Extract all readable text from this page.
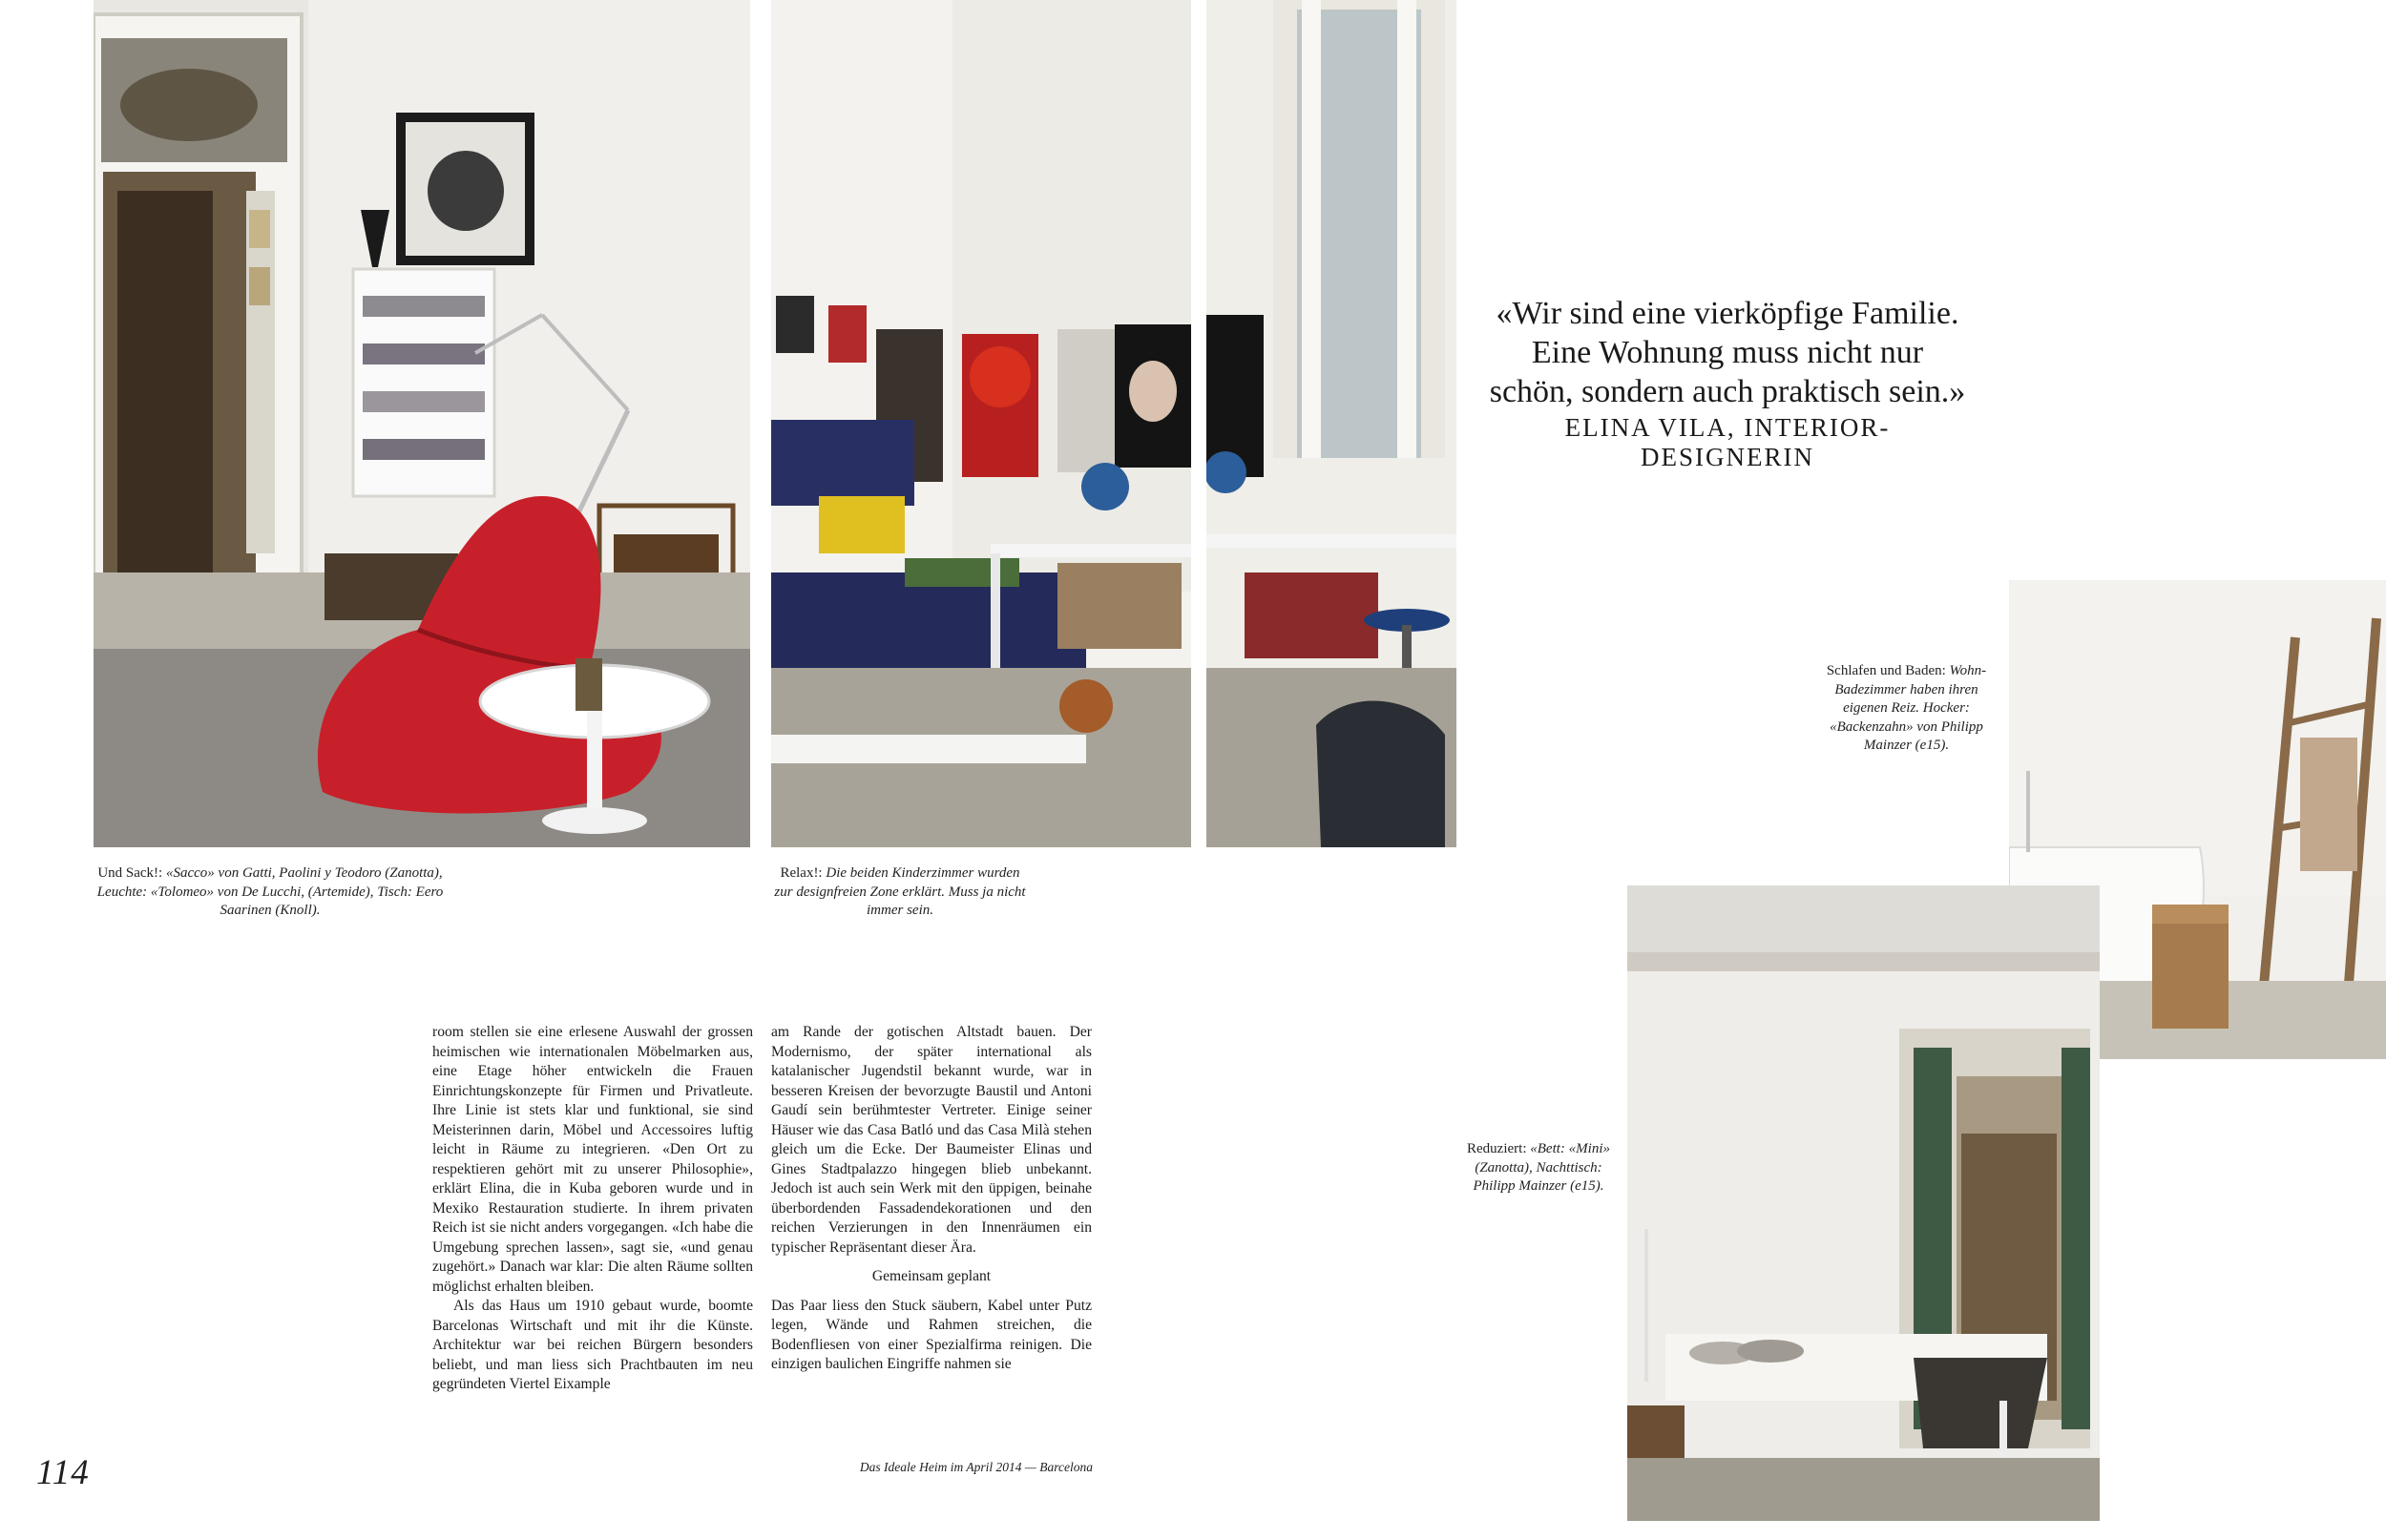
Und Sack!: «Sacco» von Gatti, Paolini y Teodoro (Zanotta), Leuchte: «Tolomeo» von De Lucchi, (Artemide), Tisch: Eero Saarinen (Knoll).
Relax!: Die beiden Kinderzimmer wurden zur designfreien Zone erklärt. Muss ja nicht immer sein.
Schlafen und Baden: Wohn-Badezimmer haben ihren eigenen Reiz. Hocker: «Backenzahn» von Philipp Mainzer (e15).
Reduziert: «Bett: «Mini» (Zanotta), Nachttisch: Philipp Mainzer (e15).
«Wir sind eine vierköpfige Familie. Eine Wohnung muss nicht nur schön, sondern auch praktisch sein.»
ELINA VILA, INTERIOR-DESIGNERIN

room stellen sie eine erlesene Auswahl der grossen heimischen wie internationalen Möbelmarken aus, eine Etage höher entwickeln die Frauen Einrichtungskonzepte für Firmen und Privatleute. Ihre Linie ist stets klar und funktional, sie sind Meisterinnen darin, Möbel und Accessoires luftig leicht in Räume zu integrieren. «Den Ort zu respektieren gehört mit zu unserer Philosophie», erklärt Elina, die in Kuba geboren wurde und in Mexiko Restauration studierte. In ihrem privaten Reich ist sie nicht anders vorgegangen. «Ich habe die Umgebung sprechen lassen», sagt sie, «und genau zugehört.» Danach war klar: Die alten Räume sollten möglichst erhalten bleiben.

Als das Haus um 1910 gebaut wurde, boomte Barcelonas Wirtschaft und mit ihr die Künste. Architektur war bei reichen Bürgern besonders beliebt, und man liess sich Prachtbauten im neu gegründeten Viertel Eixample

am Rande der gotischen Altstadt bauen. Der Modernismo, der später international als katalanischer Jugendstil bekannt wurde, war in besseren Kreisen der bevorzugte Baustil und Antoni Gaudí sein berühmtester Vertreter. Einige seiner Häuser wie das Casa Batló und das Casa Milà stehen gleich um die Ecke. Der Baumeister Elinas und Gines Stadtpalazzo hingegen blieb unbekannt. Jedoch ist auch sein Werk mit den üppigen, beinahe überbordenden Fassadendekorationen und den reichen Verzierungen in den Innenräumen ein typischer Repräsentant dieser Ära.

Gemeinsam geplant

Das Paar liess den Stuck säubern, Kabel unter Putz legen, Wände und Rahmen streichen, die Bodenfliesen von einer Spezialfirma reinigen. Die einzigen baulichen Eingriffe nahmen sie

114	Das Ideale Heim im April 2014 — Barcelona
